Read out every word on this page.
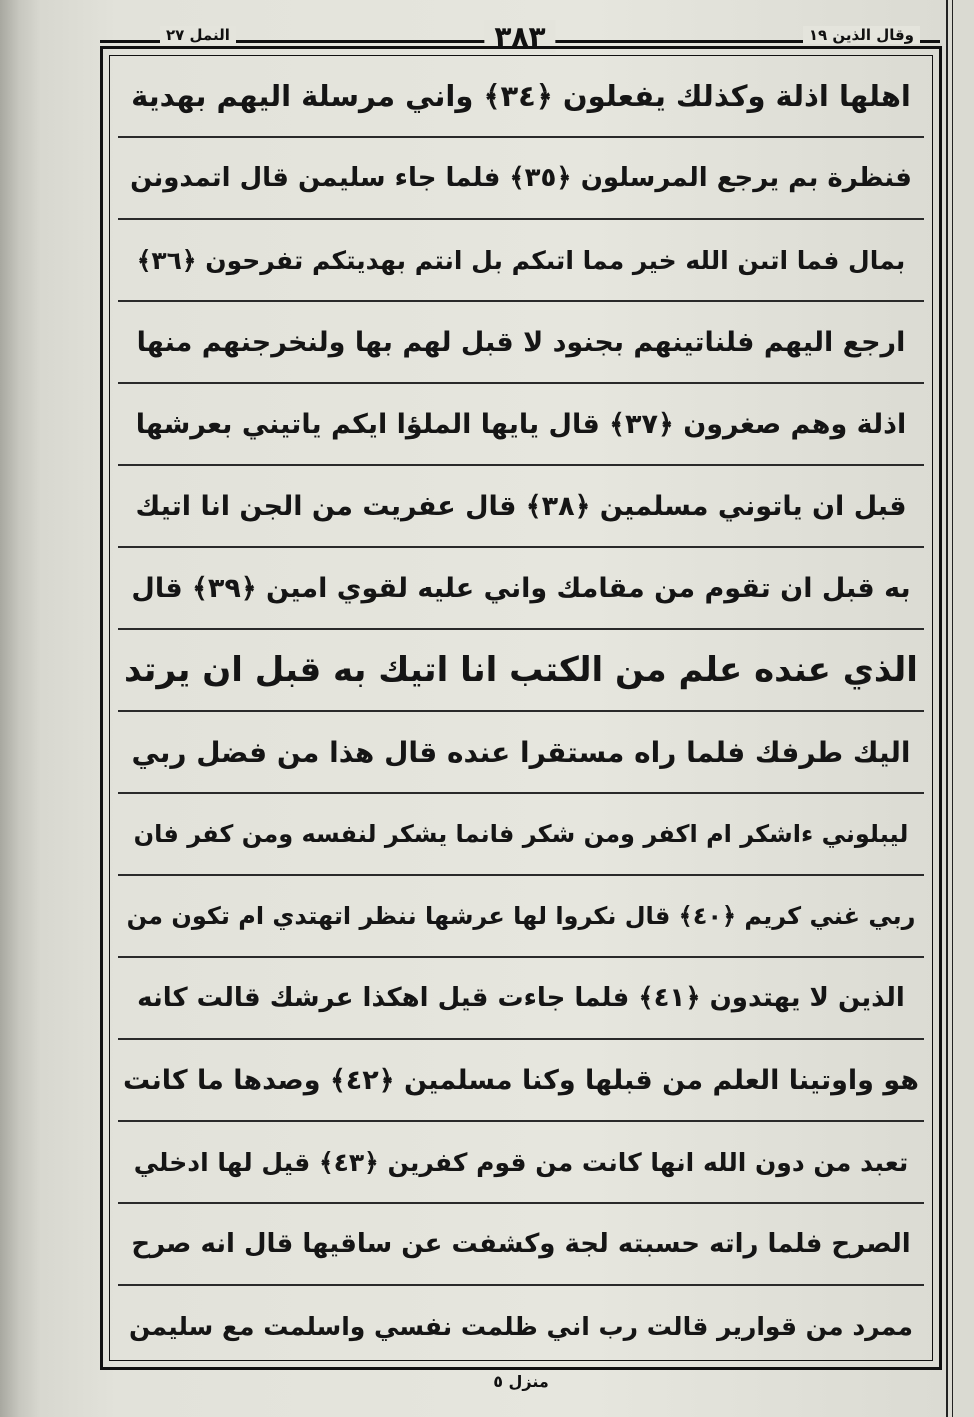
النمل ٢٧	٣٨٣	وقال الذين ١٩
اهلها اذلة وكذلك يفعلون ﴿٣٤﴾ واني مرسلة اليهم بهدية
فنظرة بم يرجع المرسلون ﴿٣٥﴾ فلما جاء سليمن قال اتمدونن
بمال فما اتىن الله خير مما اتىكم بل انتم بهديتكم تفرحون ﴿٣٦﴾
ارجع اليهم فلناتينهم بجنود لا قبل لهم بها ولنخرجنهم منها
اذلة وهم صغرون ﴿٣٧﴾ قال يايها الملؤا ايكم ياتيني بعرشها
قبل ان ياتوني مسلمين ﴿٣٨﴾ قال عفريت من الجن انا اتيك
به قبل ان تقوم من مقامك واني عليه لقوي امين ﴿٣٩﴾ قال
الذي عنده علم من الكتب انا اتيك به قبل ان يرتد
اليك طرفك فلما راه مستقرا عنده قال هذا من فضل ربي
ليبلوني ءاشكر ام اكفر ومن شكر فانما يشكر لنفسه ومن كفر فان
ربي غني كريم ﴿٤٠﴾ قال نكروا لها عرشها ننظر اتهتدي ام تكون من
الذين لا يهتدون ﴿٤١﴾ فلما جاءت قيل اهكذا عرشك قالت كانه
هو واوتينا العلم من قبلها وكنا مسلمين ﴿٤٢﴾ وصدها ما كانت
تعبد من دون الله انها كانت من قوم كفرين ﴿٤٣﴾ قيل لها ادخلي
الصرح فلما راته حسبته لجة وكشفت عن ساقيها قال انه صرح
ممرد من قوارير قالت رب اني ظلمت نفسي واسلمت مع سليمن
منزل ٥
